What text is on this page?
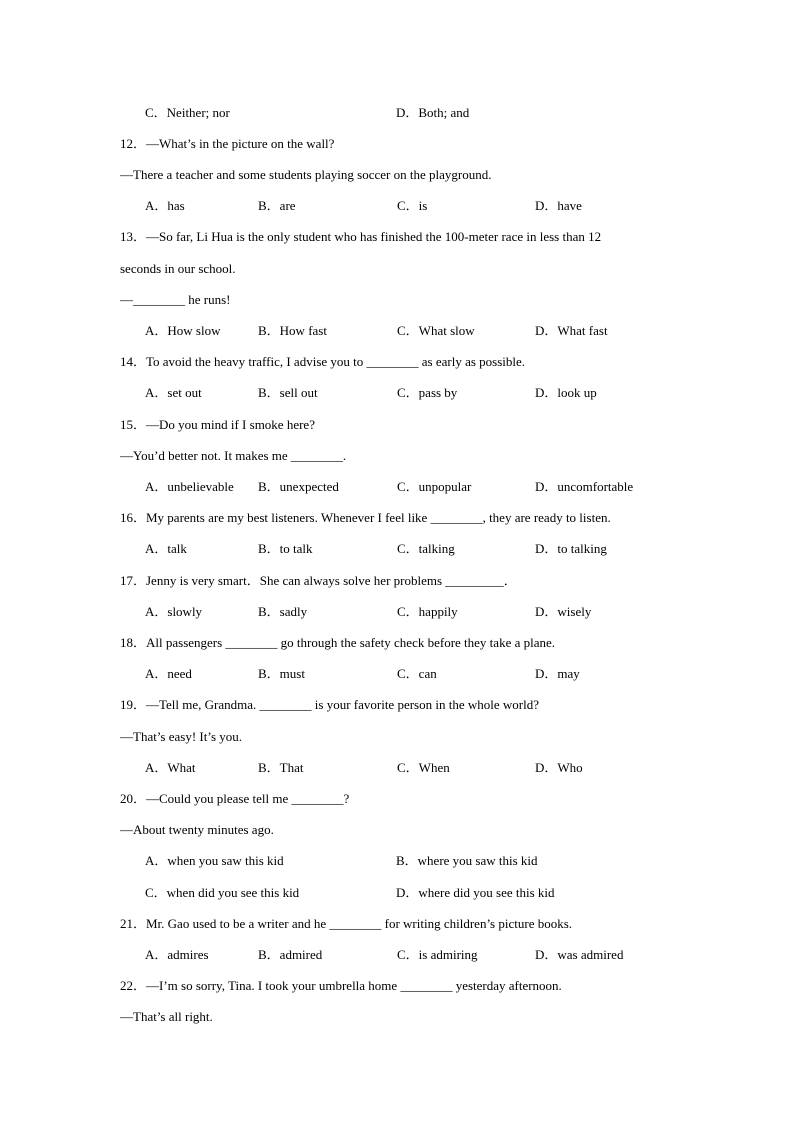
C．Neither; nor	D．Both; and
12．—What’s in the picture on the wall?
—There a teacher and some students playing soccer on the playground.
A．has	B．are	C．is	D．have
13．—So far, Li Hua is the only student who has finished the 100-meter race in less than 12
seconds in our school.
—________ he runs!
A．How slow	B．How fast	C．What slow	D．What fast
14．To avoid the heavy traffic, I advise you to ________ as early as possible.
A．set out	B．sell out	C．pass by	D．look up
15．—Do you mind if I smoke here?
—You’d better not. It makes me ________.
A．unbelievable B．unexpected	C．unpopular	D．uncomfortable
16．My parents are my best listeners. Whenever I feel like ________, they are ready to listen.
A．talk	B．to talk	C．talking	D．to talking
17．Jenny is very smart．She can always solve her problems _________．
A．slowly	B．sadly	C．happily	D．wisely
18．All passengers ________ go through the safety check before they take a plane.
A．need	B．must	C．can	D．may
19．—Tell me, Grandma. ________ is your favorite person in the whole world?
—That’s easy! It’s you.
A．What	B．That	C．When	D．Who
20．—Could you please tell me ________?
—About twenty minutes ago.
A．when you saw this kid	B．where you saw this kid
C．when did you see this kid	D．where did you see this kid
21．Mr. Gao used to be a writer and he ________ for writing children’s picture books.
A．admires	B．admired	C．is admiring	D．was admired
22．—I’m so sorry, Tina. I took your umbrella home ________ yesterday afternoon.
—That’s all right.
